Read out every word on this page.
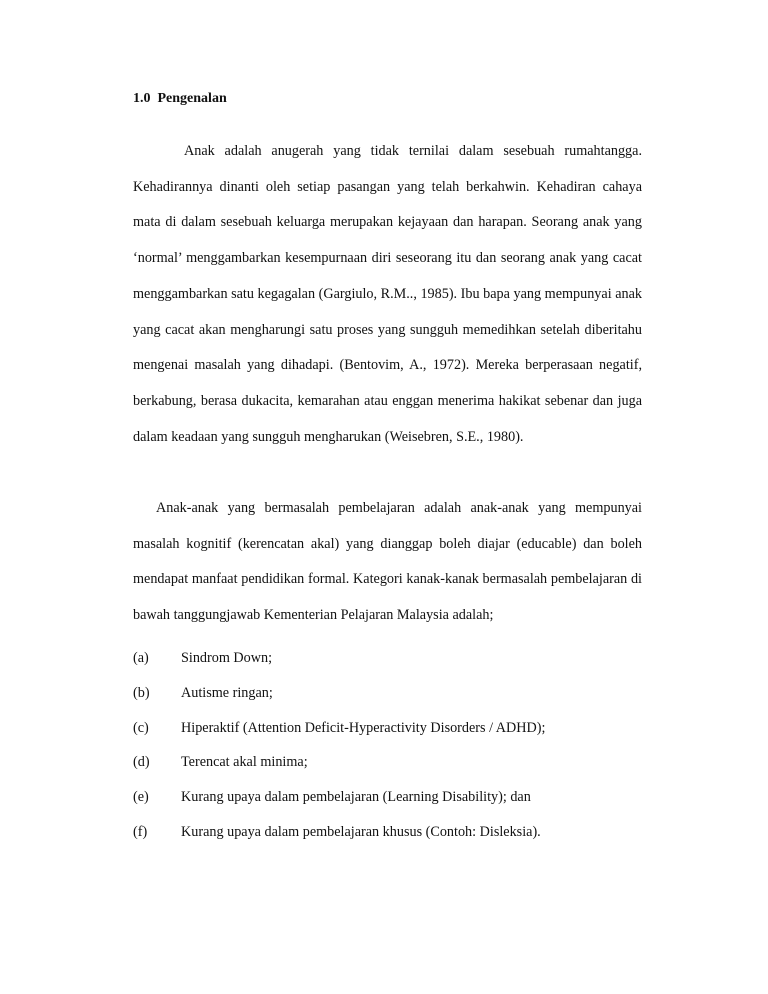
1.0  Pengenalan

Anak adalah anugerah yang tidak ternilai dalam sesebuah rumahtangga. Kehadirannya dinanti oleh setiap pasangan yang telah berkahwin. Kehadiran cahaya mata di dalam sesebuah keluarga merupakan kejayaan dan harapan. Seorang anak yang ‘normal’ menggambarkan kesempurnaan diri seseorang itu dan seorang anak yang cacat menggambarkan satu kegagalan (Gargiulo, R.M.., 1985). Ibu bapa yang mempunyai anak yang cacat akan mengharungi satu proses yang sungguh memedihkan setelah diberitahu mengenai masalah yang dihadapi. (Bentovim, A., 1972). Mereka berperasaan negatif, berkabung, berasa dukacita, kemarahan atau enggan menerima hakikat sebenar dan juga dalam keadaan yang sungguh mengharukan (Weisebren, S.E., 1980).

Anak-anak yang bermasalah pembelajaran adalah anak-anak yang mempunyai masalah kognitif (kerencatan akal) yang dianggap boleh diajar (educable) dan boleh mendapat manfaat pendidikan formal. Kategori kanak-kanak bermasalah pembelajaran di bawah tanggungjawab Kementerian Pelajaran Malaysia adalah;

(a) Sindrom Down;
(b) Autisme ringan;
(c) Hiperaktif (Attention Deficit-Hyperactivity Disorders / ADHD);
(d) Terencat akal minima;
(e) Kurang upaya dalam pembelajaran (Learning Disability); dan
(f) Kurang upaya dalam pembelajaran khusus (Contoh: Disleksia).
